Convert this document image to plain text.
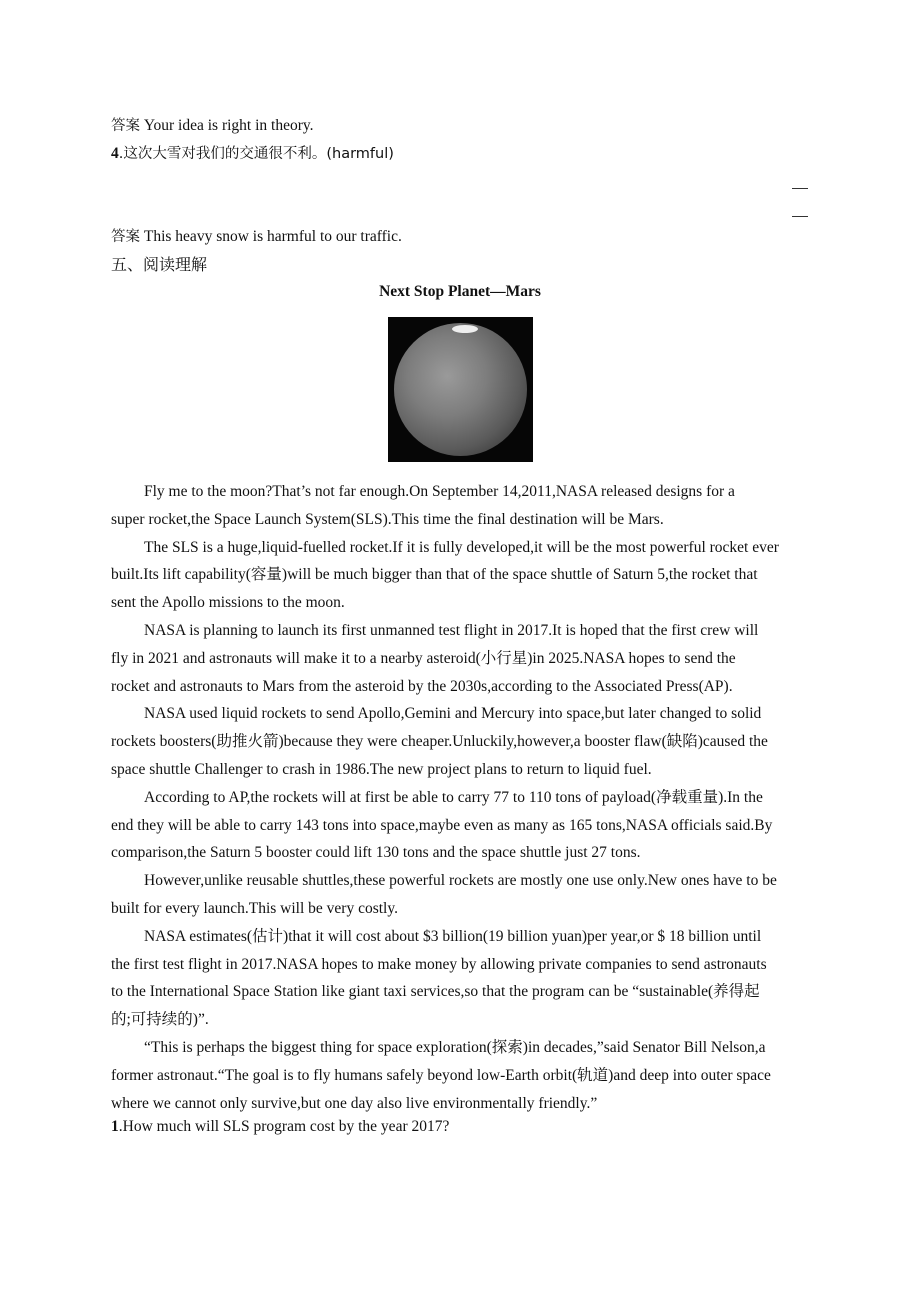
答案 Your idea is right in theory.
4.这次大雪对我们的交通很不利。(harmful)
答案 This heavy snow is harmful to our traffic.
五、阅读理解
Next Stop Planet—Mars
Fly me to the moon?That’s not far enough.On September 14,2011,NASA released designs for a
super rocket,the Space Launch System(SLS).This time the final destination will be Mars.
The SLS is a huge,liquid-fuelled rocket.If it is fully developed,it will be the most powerful rocket ever
built.Its lift capability(容量)will be much bigger than that of the space shuttle of Saturn 5,the rocket that
sent the Apollo missions to the moon.
NASA is planning to launch its first unmanned test flight in 2017.It is hoped that the first crew will
fly in 2021 and astronauts will make it to a nearby asteroid(小行星)in 2025.NASA hopes to send the
rocket and astronauts to Mars from the asteroid by the 2030s,according to the Associated Press(AP).
NASA used liquid rockets to send Apollo,Gemini and Mercury into space,but later changed to solid
rockets boosters(助推火箭)because they were cheaper.Unluckily,however,a booster flaw(缺陷)caused the
space shuttle Challenger to crash in 1986.The new project plans to return to liquid fuel.
According to AP,the rockets will at first be able to carry 77 to 110 tons of payload(净载重量).In the
end they will be able to carry 143 tons into space,maybe even as many as 165 tons,NASA officials said.By
comparison,the Saturn 5 booster could lift 130 tons and the space shuttle just 27 tons.
However,unlike reusable shuttles,these powerful rockets are mostly one use only.New ones have to be
built for every launch.This will be very costly.
NASA estimates(估计)that it will cost about $3 billion(19 billion yuan)per year,or $ 18 billion until
the first test flight in 2017.NASA hopes to make money by allowing private companies to send astronauts
to the International Space Station like giant taxi services,so that the program can be “sustainable(养得起
的;可持续的)”.
“This is perhaps the biggest thing for space exploration(探索)in decades,”said Senator Bill Nelson,a
former astronaut.“The goal is to fly humans safely beyond low-Earth orbit(轨道)and deep into outer space
where we cannot only survive,but one day also live environmentally friendly.”
1.How much will SLS program cost by the year 2017?
